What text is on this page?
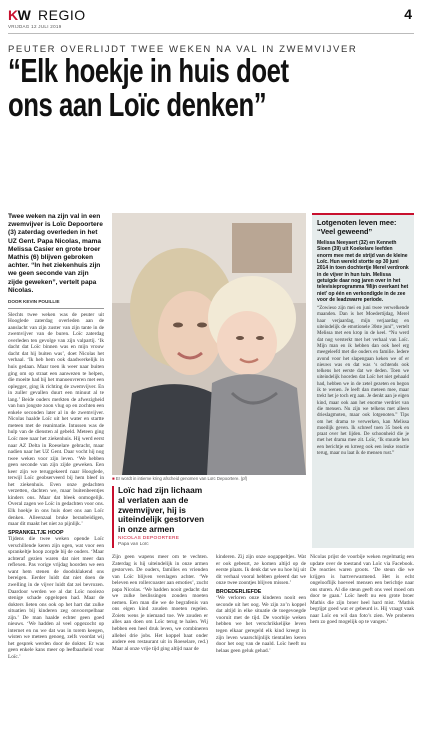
KW REGIO
VRIJDAG 12 JULI 2019
4
PEUTER OVERLIJDT TWEE WEKEN NA VAL IN ZWEMVIJVER
“Elk hoekje in huis doet
ons aan Loïc denken”
Twee weken na zijn val in een zwemvijver is Loïc Depoortere (3) zaterdag overleden in het UZ Gent. Papa Nicolas, mama Melissa Casier en grote broer Mathis (6) blijven gebroken achter. “In het ziekenhuis zijn we geen seconde van zijn zijde geweken”, vertelt papa Nicolas.
DOOR KEVIN POUILLIE
Slechts twee weken was de peuter uit Hooglede zaterdag overleden aan de aanslacht van zijn zuster van zijn tante in de zwemvijver van de buren. Loïc zaterdag overleden ten gevolge van zijn valpartij. ‘Ik dacht dat Loïc binnen was en mijn vrouw dacht dat hij buiten was’, doet Nicolas het verhaal. ‘Ik heb hem ook daadwerkelijk in huis gedaan. Maar toen ik weer naar buiten ging om op straat een aanwezen te helpen, die moeite had bij het manoeuvreren met een oplegger, ging ik richting de zwemvijver. En in zuller gevallen duurt een minuut al te lang.’ Beide ouders merkten de afwezigheid van hun jongste zoon vlug op en zochten een enkele seconden later al in de zwemvijver. Nicolas haalde Loïc uit het water en startte meteen met de reanimatie. Intussen was de hulp van de diensten al gebeld. Meteen ging Loïc mee naar het ziekenhuis. Hij werd eerst naar AZ Delta in Roeselare gebracht, maar nadien naar het UZ Gent. Daar vocht hij nog twee weken voor zijn leven. ‘We hebben geen seconde van zijn zijde geweken. Een keer zijn we teruggekeerd naar Hooglede, terwijl Loïc geobserveerd bij hem bleef in het ziekenhuis. Even onze gedachten verzetten, dachten we, maar buitenbeentjes kinders ons. Maar dat bleek onmogelijk. Overal zagen we Loïc in gedachten voor ons. Elk hoekje in ons huis doet ons aan Loïc denken. Alleenzaal bruke beranbeidigen, maar dit maakt het niet zo pijnlijk.’
SPRANKELTJE HOOP
Tijdens die twee weken opende Loïc verschillende keren zijn ogen, wat voor een sprankeltje hoop zorgde bij de ouders. ‘Maar achteraf gezien waren dat niet meer dan reflexen. Pas vorige vrijdag hoorden we een want hem stenen de doodsklakend ons bereigen. Eerder luidt dat niet doen de zwelling in de vijver luidt dat zei bevrozen. Daardoor werden we al dat Loïc nooiezo stenige schade opgelopen had. Maar de dokters lieten ons ook op het hart dat zulke situatien bij kinderen zeg onvoorspelbaar zijn.’ De man haalde echter geen goed nieuws. ‘We hadden al veel opgezocht op internet en nu we dat was in torem keegen, wisten we meteen genoeg, zelfs voordat wij het gesprek werden door de dokter. Er was geen enkele kans meer op leefbaarheid voor Loïc.’
■ Er wordt in intieme kring afscheid genomen van Loïc Depoortere. (pf)
Loïc had zijn lichaam al verlaten aan de zwemvijver, hij is uiteindelijk gestorven in onze armen
NICOLAS DEPOORTERE
Papa van Loïc
Zijn geen wapens meer om te vechten. Zaterdag is hij uiteindelijk in onze armen gestorven. De ouders, families en vrienden van Loïc blijven verslagen achter. ‘We beleven een rollercoaster aan emoties’, zucht papa Nicolas. ‘We hadden nooit gedacht dat we zulke beslissingen zouden moeten nemen. Een man die we de begrafenis van ons eigen kind zouden moeten regelen. Zoiets wens je niemand toe. We zouden er alles aan doen om Loïc terug te halen. Wij hebben een heel druk leven, we combineren allebei drie jobs. Het koppel baat onder andere een restaurant uit in Roeselare, red.) Maar al onze vrije tijd ging altijd naar de
kinderen. Zij zijn onze oogappeltjes. Wat er ook gebeurt, ze komen altijd op de eerste plaats. Ik denk dat we nu hoe hij uit dit verhaal vooral hebben geleerd dat we onze twee zoontjes blijven missen.’
BROEDERLIEFDE
‘We verloren onze kinderen nooit een seconde uit het oog. We zijn zo’n koppel dat altijd in elke situatie de toegevoegde vooruit met de tijd. De voorbije weken hebben we het verschrikkelijke leven tegen elkaar geregeld elk kind kreegt in zijn leven waarschijnlijk tientallen keren door het oog van de naald. Loïc heeft nu helaas geen geluk gehad.’
Nicolas prijst de voorbije weken regelmatig een update over de toestand van Loïc via Facebook. De reacties waren groots. ‘De steun die we krijgen is hartverwarmend. Het is echt ongelooflijk hoeveel mensen een berichtje naar ons sturen. Al die steun geeft ons veel moed om door te gaan.’ Loïc heeft nu een grote broer Mathis die zijn broer heel hard mist. ‘Mathis begrijpt goed wat er gebeurd is. Hij vraagt vaak naar Loïc en wil dan foto’s zien. We proberen hem zo goed mogelijk op te vangen.’
Lotgenoten leven mee: “Veel geweend”
Melissa Neeyaert (32) en Kenneth Sioen (39) uit Koekelare leefden enorm mee met de strijd van de kleine Loïc. Hun wereld stortte op 30 juni 2014 in toen dochtertje Merel verdronk in de vijver in hun tuin. Melissa getuigde daar nog jaren over in het televisieprogramma ‘Mijn overkant het niet’ op één en verkondigde in de zee voor de leadzwarre periode.
“Zowieso zijn mei en juni twee verwelkende maanden. Dan is het Moedertijdag, Merel haar verjaardag, mijn verjaardag en uiteindelijk de emotionele 30ste juni”, vertelt Melissa met een krop in de keel. “Nu werd dat nog versterkt met het verhaal van Loïc. Mijn man en ik hebben dan ook heel erg meegeleefd met die ouders en familie. Iedere avond voor het slapengaan keken we of er nieuws was en dat was ‘s ochtends ook telkens het eerste dat we deden. Toen we uiteindelijk hoorden dat Loïc het niet gehaald had, hebben we in de zetel gezeten en begon ik te wenen. Je leeft dan meteen mee, maar trekt het je toch erg aan. Je denkt aan je eigen kind, maar ook aan het enorme verdriet van die mensen. Nu zijn we telkens met alleen drieslagmoten, maar ook lotgenoten.” Tips om het drama te verwerken, kan Melissa moeilijk geven. Ik schreef toen 35 boek en praat over het lijden. De schoonheid die je met het drama mee zit. Loïc, ‘Ik stuurde hen een berichtje en krreeg ook een leuke reactie terug, maar nu laat ik de mensen rust.”
